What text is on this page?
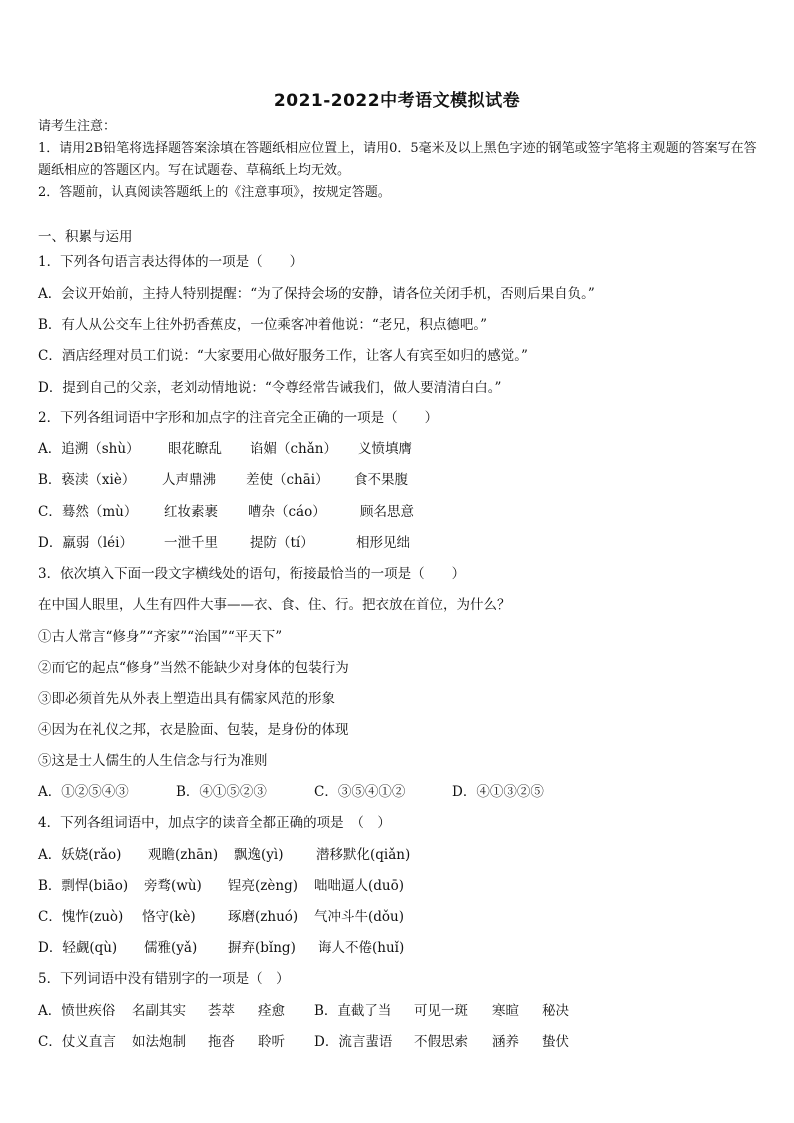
2021-2022中考语文模拟试卷
请考生注意：
1．请用2B铅笔将选择题答案涂填在答题纸相应位置上，请用0．5毫米及以上黑色字迹的钢笔或签字笔将主观题的答案写在答题纸相应的答题区内。写在试题卷、草稿纸上均无效。
2．答题前，认真阅读答题纸上的《注意事项》，按规定答题。
一、积累与运用
1．下列各句语言表达得体的一项是（　　）
A．会议开始前，主持人特别提醒：“为了保持会场的安静，请各位关闭手机，否则后果自负。”
B．有人从公交车上往外扔香蕉皮，一位乘客冲着他说：“老兄，积点德吧。”
C．酒店经理对员工们说：“大家要用心做好服务工作，让客人有宾至如归的感觉。”
D．提到自己的父亲，老刘动情地说：“令尊经常告诫我们，做人要清清白白。”
2．下列各组词语中字形和加点字的注音完全正确的一项是（　　）
A．追溯（shù） 眼花瞭乱 谄媚（chǎn） 义愤填膺
B．亵渎（xiè） 人声鼎沸 差使（chāi） 食不果腹
C．蓦然（mù） 红妆素裹 嘈杂（cáo）	顾名思意
D．羸弱（léi） 一泄千里 提防（tí）	相形见绌
3．依次填入下面一段文字横线处的语句，衔接最恰当的一项是（　　）
在中国人眼里，人生有四件大事——衣、食、住、行。把衣放在首位，为什么？
①古人常言“修身”“齐家”“治国”“平天下”
②而它的起点“修身”当然不能缺少对身体的包装行为
③即必须首先从外表上塑造出具有儒家风范的形象
④因为在礼仪之邦，衣是脸面、包装，是身份的体现
⑤这是士人儒生的人生信念与行为准则
A．①②⑤④③	B．④①⑤②③	C．③⑤④①②	D．④①③②⑤
4．下列各组词语中，加点字的读音全都正确的项是　（　）
A．妖娆(rǎo) 观瞻(zhān) 飘逸(yì) 潜移默化(qiǎn)
B．剽悍(biāo) 旁骛(wù) 锃亮(zèng) 咄咄逼人(duō)
C．愧怍(zuò) 恪守(kè) 琢磨(zhuó) 气冲斗牛(dǒu)
D．轻觑(qù) 儒雅(yǎ) 摒弃(bǐng) 诲人不倦(huǐ)
5．下列词语中没有错别字的一项是（　）
A．愤世疾俗 名副其实 荟萃 痊愈 B．直截了当 可见一斑 寒暄 秘决
C．仗义直言 如法炮制 拖沓 聆听 D．流言蜚语 不假思索 涵养 蛰伏
